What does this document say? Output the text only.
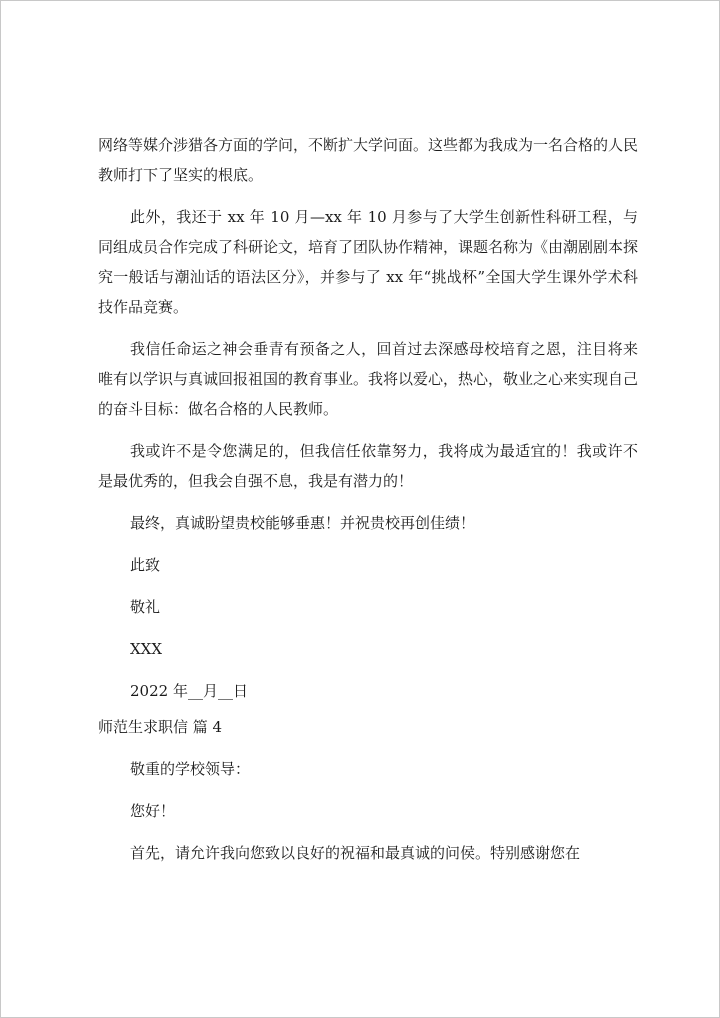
网络等媒介涉猎各方面的学问，不断扩大学问面。这些都为我成为一名合格的人民教师打下了坚实的根底。

此外，我还于 xx 年 10 月—xx 年 10 月参与了大学生创新性科研工程，与同组成员合作完成了科研论文，培育了团队协作精神，课题名称为《由潮剧剧本探究一般话与潮汕话的语法区分》，并参与了 xx 年“挑战杯”全国大学生课外学术科技作品竞赛。

我信任命运之神会垂青有预备之人，回首过去深感母校培育之恩，注目将来唯有以学识与真诚回报祖国的教育事业。我将以爱心，热心，敬业之心来实现自己的奋斗目标：做名合格的人民教师。

我或许不是令您满足的，但我信任依靠努力，我将成为最适宜的！我或许不是最优秀的，但我会自强不息，我是有潜力的！

最终，真诚盼望贵校能够垂惠！并祝贵校再创佳绩！

此致

敬礼

XXX

2022 年__月__日

师范生求职信 篇 4

敬重的学校领导：

您好！

首先，请允许我向您致以良好的祝福和最真诚的问侯。特别感谢您在
